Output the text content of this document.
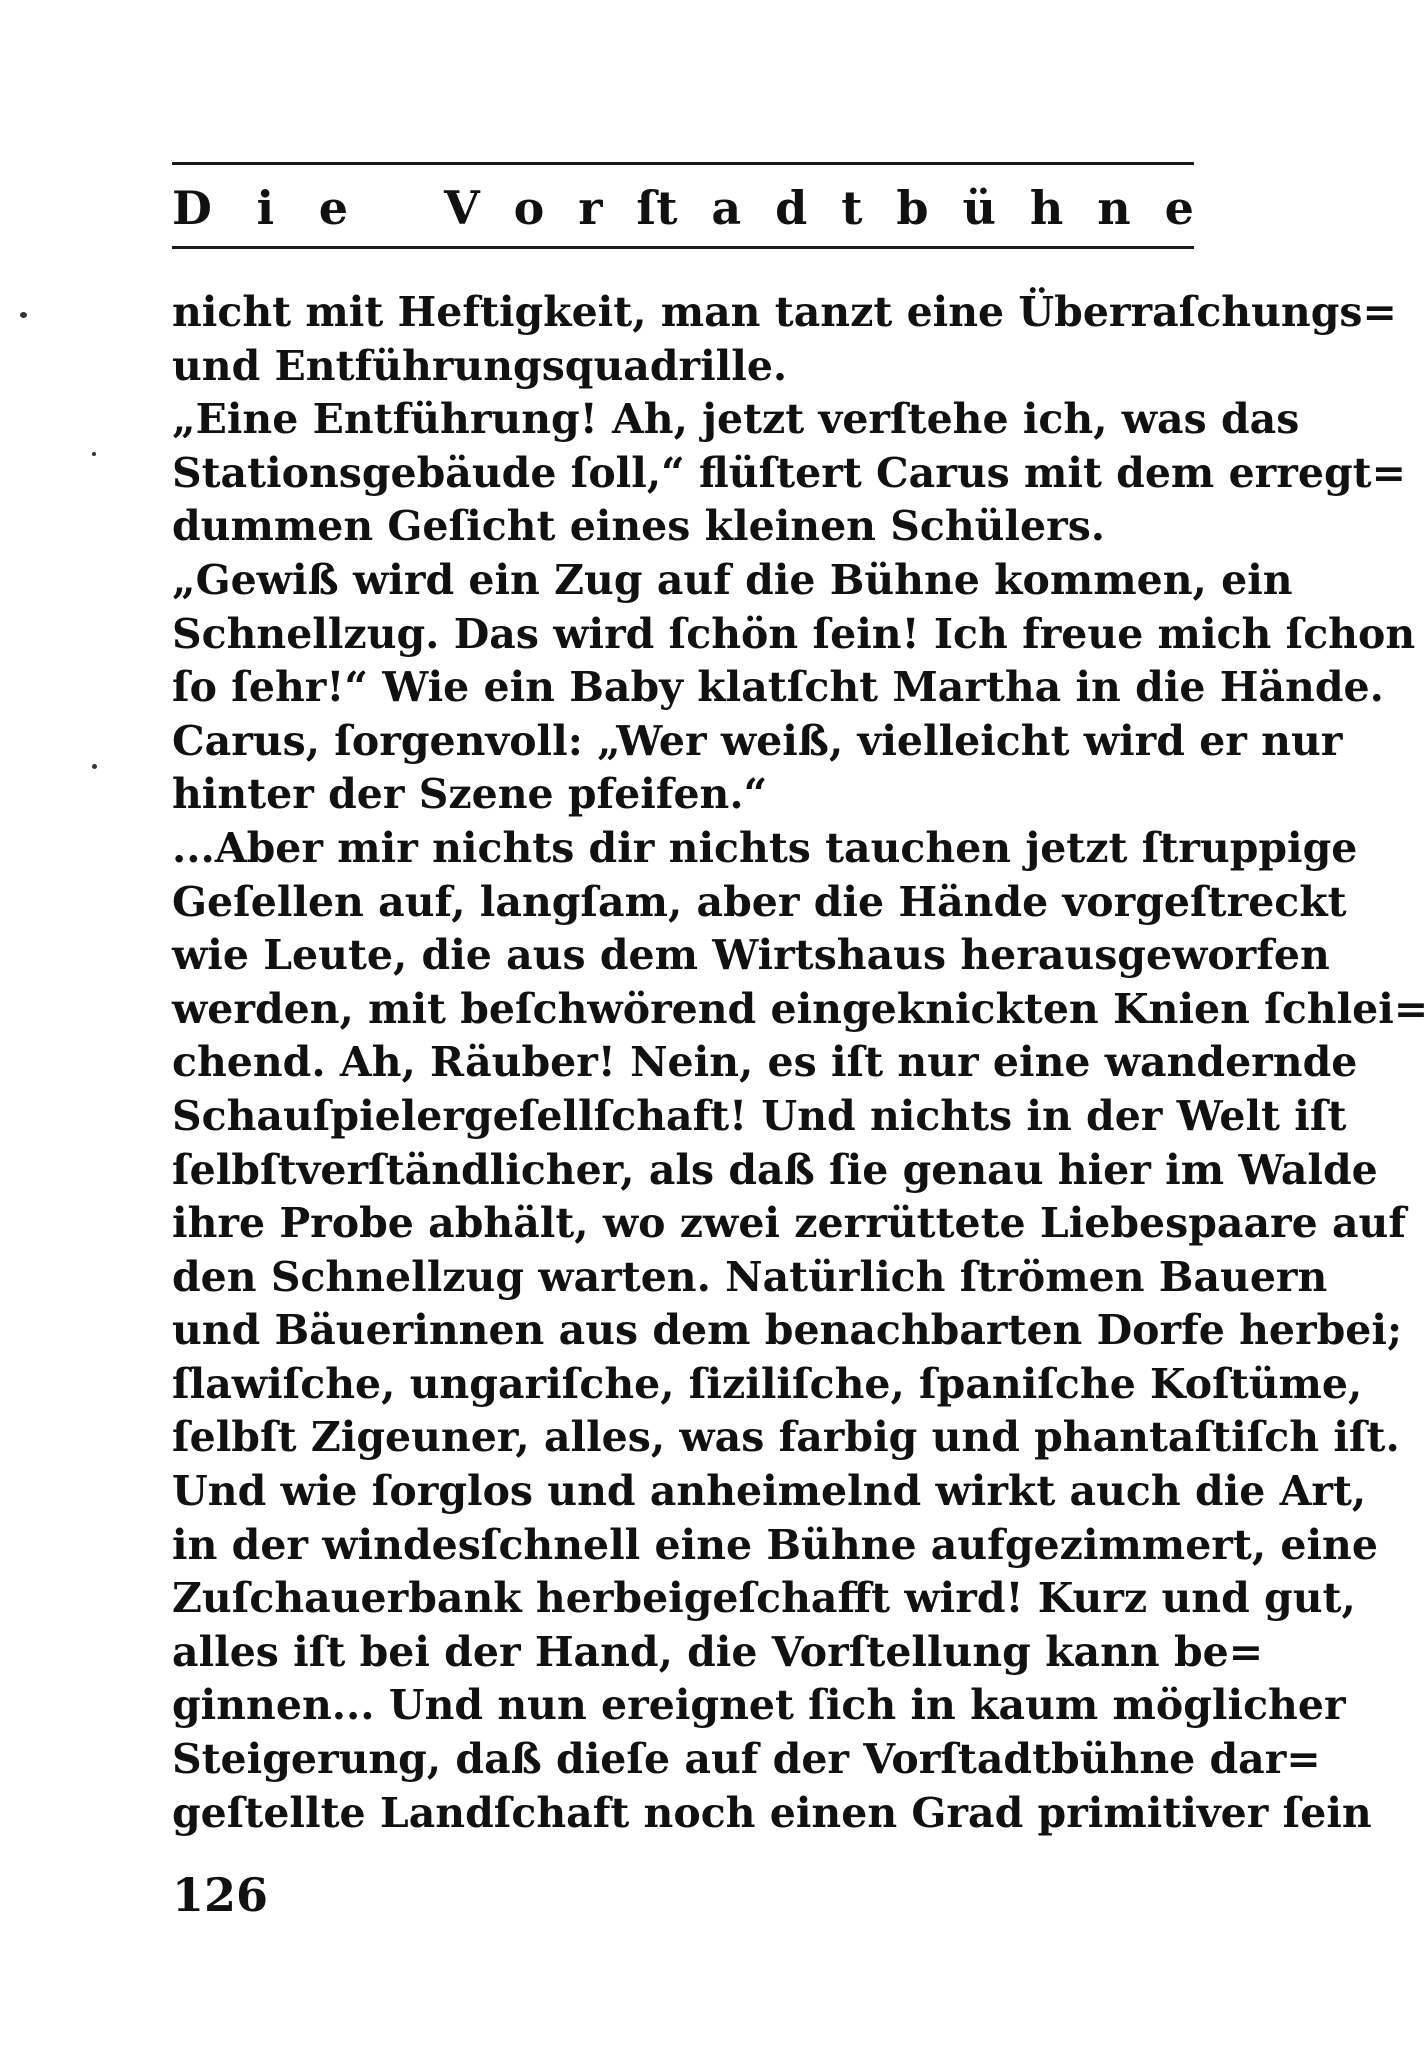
D i e V o r ſt a d t b ü h n e
nicht mit Heftigkeit, man tanzt eine Überraſchungs=
und Entführungsquadrille.
„Eine Entführung! Ah, jetzt verſtehe ich, was das
Stationsgebäude ſoll,“ flüſtert Carus mit dem erregt=
dummen Geſicht eines kleinen Schülers.
„Gewiß wird ein Zug auf die Bühne kommen, ein
Schnellzug. Das wird ſchön ſein! Ich freue mich ſchon
ſo ſehr!“ Wie ein Baby klatſcht Martha in die Hände.
Carus, ſorgenvoll: „Wer weiß, vielleicht wird er nur
hinter der Szene pfeifen.“
...Aber mir nichts dir nichts tauchen jetzt ſtruppige
Geſellen auf, langſam, aber die Hände vorgeſtreckt
wie Leute, die aus dem Wirtshaus herausgeworfen
werden, mit beſchwörend eingeknickten Knien ſchlei=
chend. Ah, Räuber! Nein, es iſt nur eine wandernde
Schauſpielergeſellſchaft! Und nichts in der Welt iſt
ſelbſtverſtändlicher, als daß ſie genau hier im Walde
ihre Probe abhält, wo zwei zerrüttete Liebespaare auf
den Schnellzug warten. Natürlich ſtrömen Bauern
und Bäuerinnen aus dem benachbarten Dorfe herbei;
ſlawiſche, ungariſche, ſiziliſche, ſpaniſche Koſtüme,
ſelbſt Zigeuner, alles, was farbig und phantaſtiſch iſt.
Und wie ſorglos und anheimelnd wirkt auch die Art,
in der windesſchnell eine Bühne aufgezimmert, eine
Zuſchauerbank herbeigeſchafft wird! Kurz und gut,
alles iſt bei der Hand, die Vorſtellung kann be=
ginnen... Und nun ereignet ſich in kaum möglicher
Steigerung, daß dieſe auf der Vorſtadtbühne dar=
geſtellte Landſchaft noch einen Grad primitiver ſein
126
